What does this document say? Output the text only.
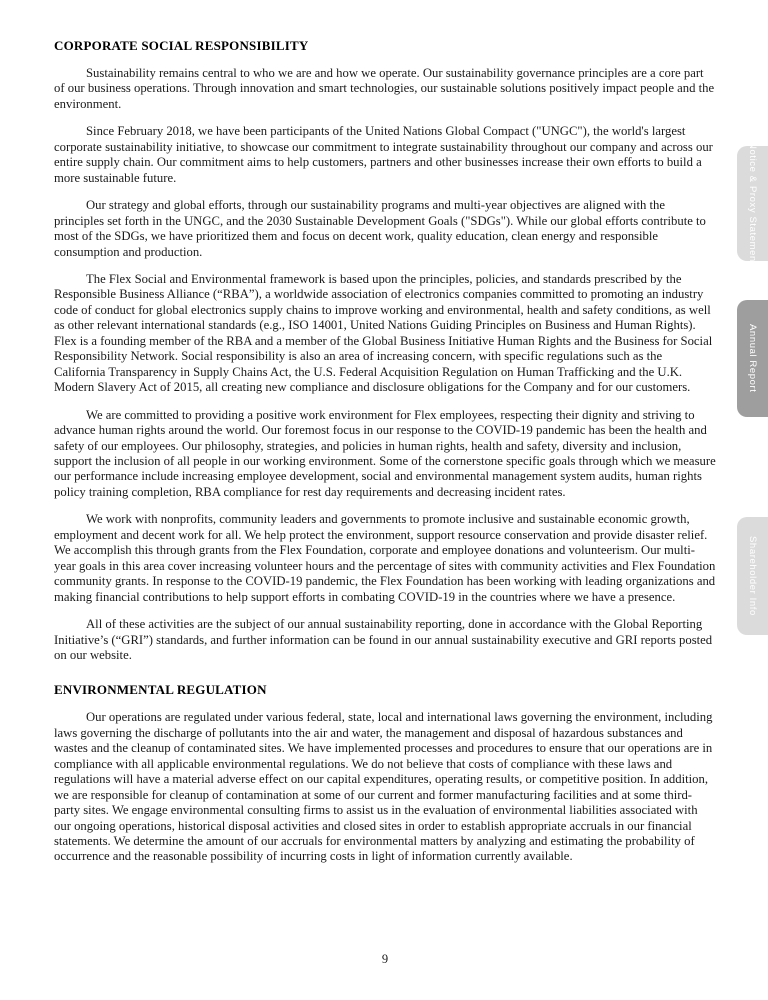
CORPORATE SOCIAL RESPONSIBILITY

Sustainability remains central to who we are and how we operate. Our sustainability governance principles are a core part of our business operations. Through innovation and smart technologies, our sustainable solutions positively impact people and the environment.

Since February 2018, we have been participants of the United Nations Global Compact ("UNGC"), the world's largest corporate sustainability initiative, to showcase our commitment to integrate sustainability throughout our company and across our entire supply chain. Our commitment aims to help customers, partners and other businesses increase their own efforts to build a more sustainable future.

Our strategy and global efforts, through our sustainability programs and multi-year objectives are aligned with the principles set forth in the UNGC, and the 2030 Sustainable Development Goals ("SDGs"). While our global efforts contribute to most of the SDGs, we have prioritized them and focus on decent work, quality education, clean energy and responsible consumption and production.

The Flex Social and Environmental framework is based upon the principles, policies, and standards prescribed by the Responsible Business Alliance (“RBA”), a worldwide association of electronics companies committed to promoting an industry code of conduct for global electronics supply chains to improve working and environmental, health and safety conditions, as well as other relevant international standards (e.g., ISO 14001, United Nations Guiding Principles on Business and Human Rights). Flex is a founding member of the RBA and a member of the Global Business Initiative Human Rights and the Business for Social Responsibility Network. Social responsibility is also an area of increasing concern, with specific regulations such as the California Transparency in Supply Chains Act, the U.S. Federal Acquisition Regulation on Human Trafficking and the U.K. Modern Slavery Act of 2015, all creating new compliance and disclosure obligations for the Company and for our customers.

We are committed to providing a positive work environment for Flex employees, respecting their dignity and striving to advance human rights around the world. Our foremost focus in our response to the COVID-19 pandemic has been the health and safety of our employees. Our philosophy, strategies, and policies in human rights, health and safety, diversity and inclusion, support the inclusion of all people in our working environment. Some of the cornerstone specific goals through which we measure our performance include increasing employee development, social and environmental management system audits, human rights policy training completion, RBA compliance for rest day requirements and decreasing incident rates.

We work with nonprofits, community leaders and governments to promote inclusive and sustainable economic growth, employment and decent work for all. We help protect the environment, support resource conservation and provide disaster relief. We accomplish this through grants from the Flex Foundation, corporate and employee donations and volunteerism. Our multi-year goals in this area cover increasing volunteer hours and the percentage of sites with community activities and Flex Foundation community grants. In response to the COVID-19 pandemic, the Flex Foundation has been working with leading organizations and making financial contributions to help support efforts in combating COVID-19 in the countries where we have a presence.

All of these activities are the subject of our annual sustainability reporting, done in accordance with the Global Reporting Initiative’s (“GRI”) standards, and further information can be found in our annual sustainability executive and GRI reports posted on our website.

ENVIRONMENTAL REGULATION

Our operations are regulated under various federal, state, local and international laws governing the environment, including laws governing the discharge of pollutants into the air and water, the management and disposal of hazardous substances and wastes and the cleanup of contaminated sites. We have implemented processes and procedures to ensure that our operations are in compliance with all applicable environmental regulations. We do not believe that costs of compliance with these laws and regulations will have a material adverse effect on our capital expenditures, operating results, or competitive position. In addition, we are responsible for cleanup of contamination at some of our current and former manufacturing facilities and at some third-party sites. We engage environmental consulting firms to assist us in the evaluation of environmental liabilities associated with our ongoing operations, historical disposal activities and closed sites in order to establish appropriate accruals in our financial statements. We determine the amount of our accruals for environmental matters by analyzing and estimating the probability of occurrence and the reasonable possibility of incurring costs in light of information currently available.

9
Notice & Proxy Statement
Annual Report
Shareholder Info
